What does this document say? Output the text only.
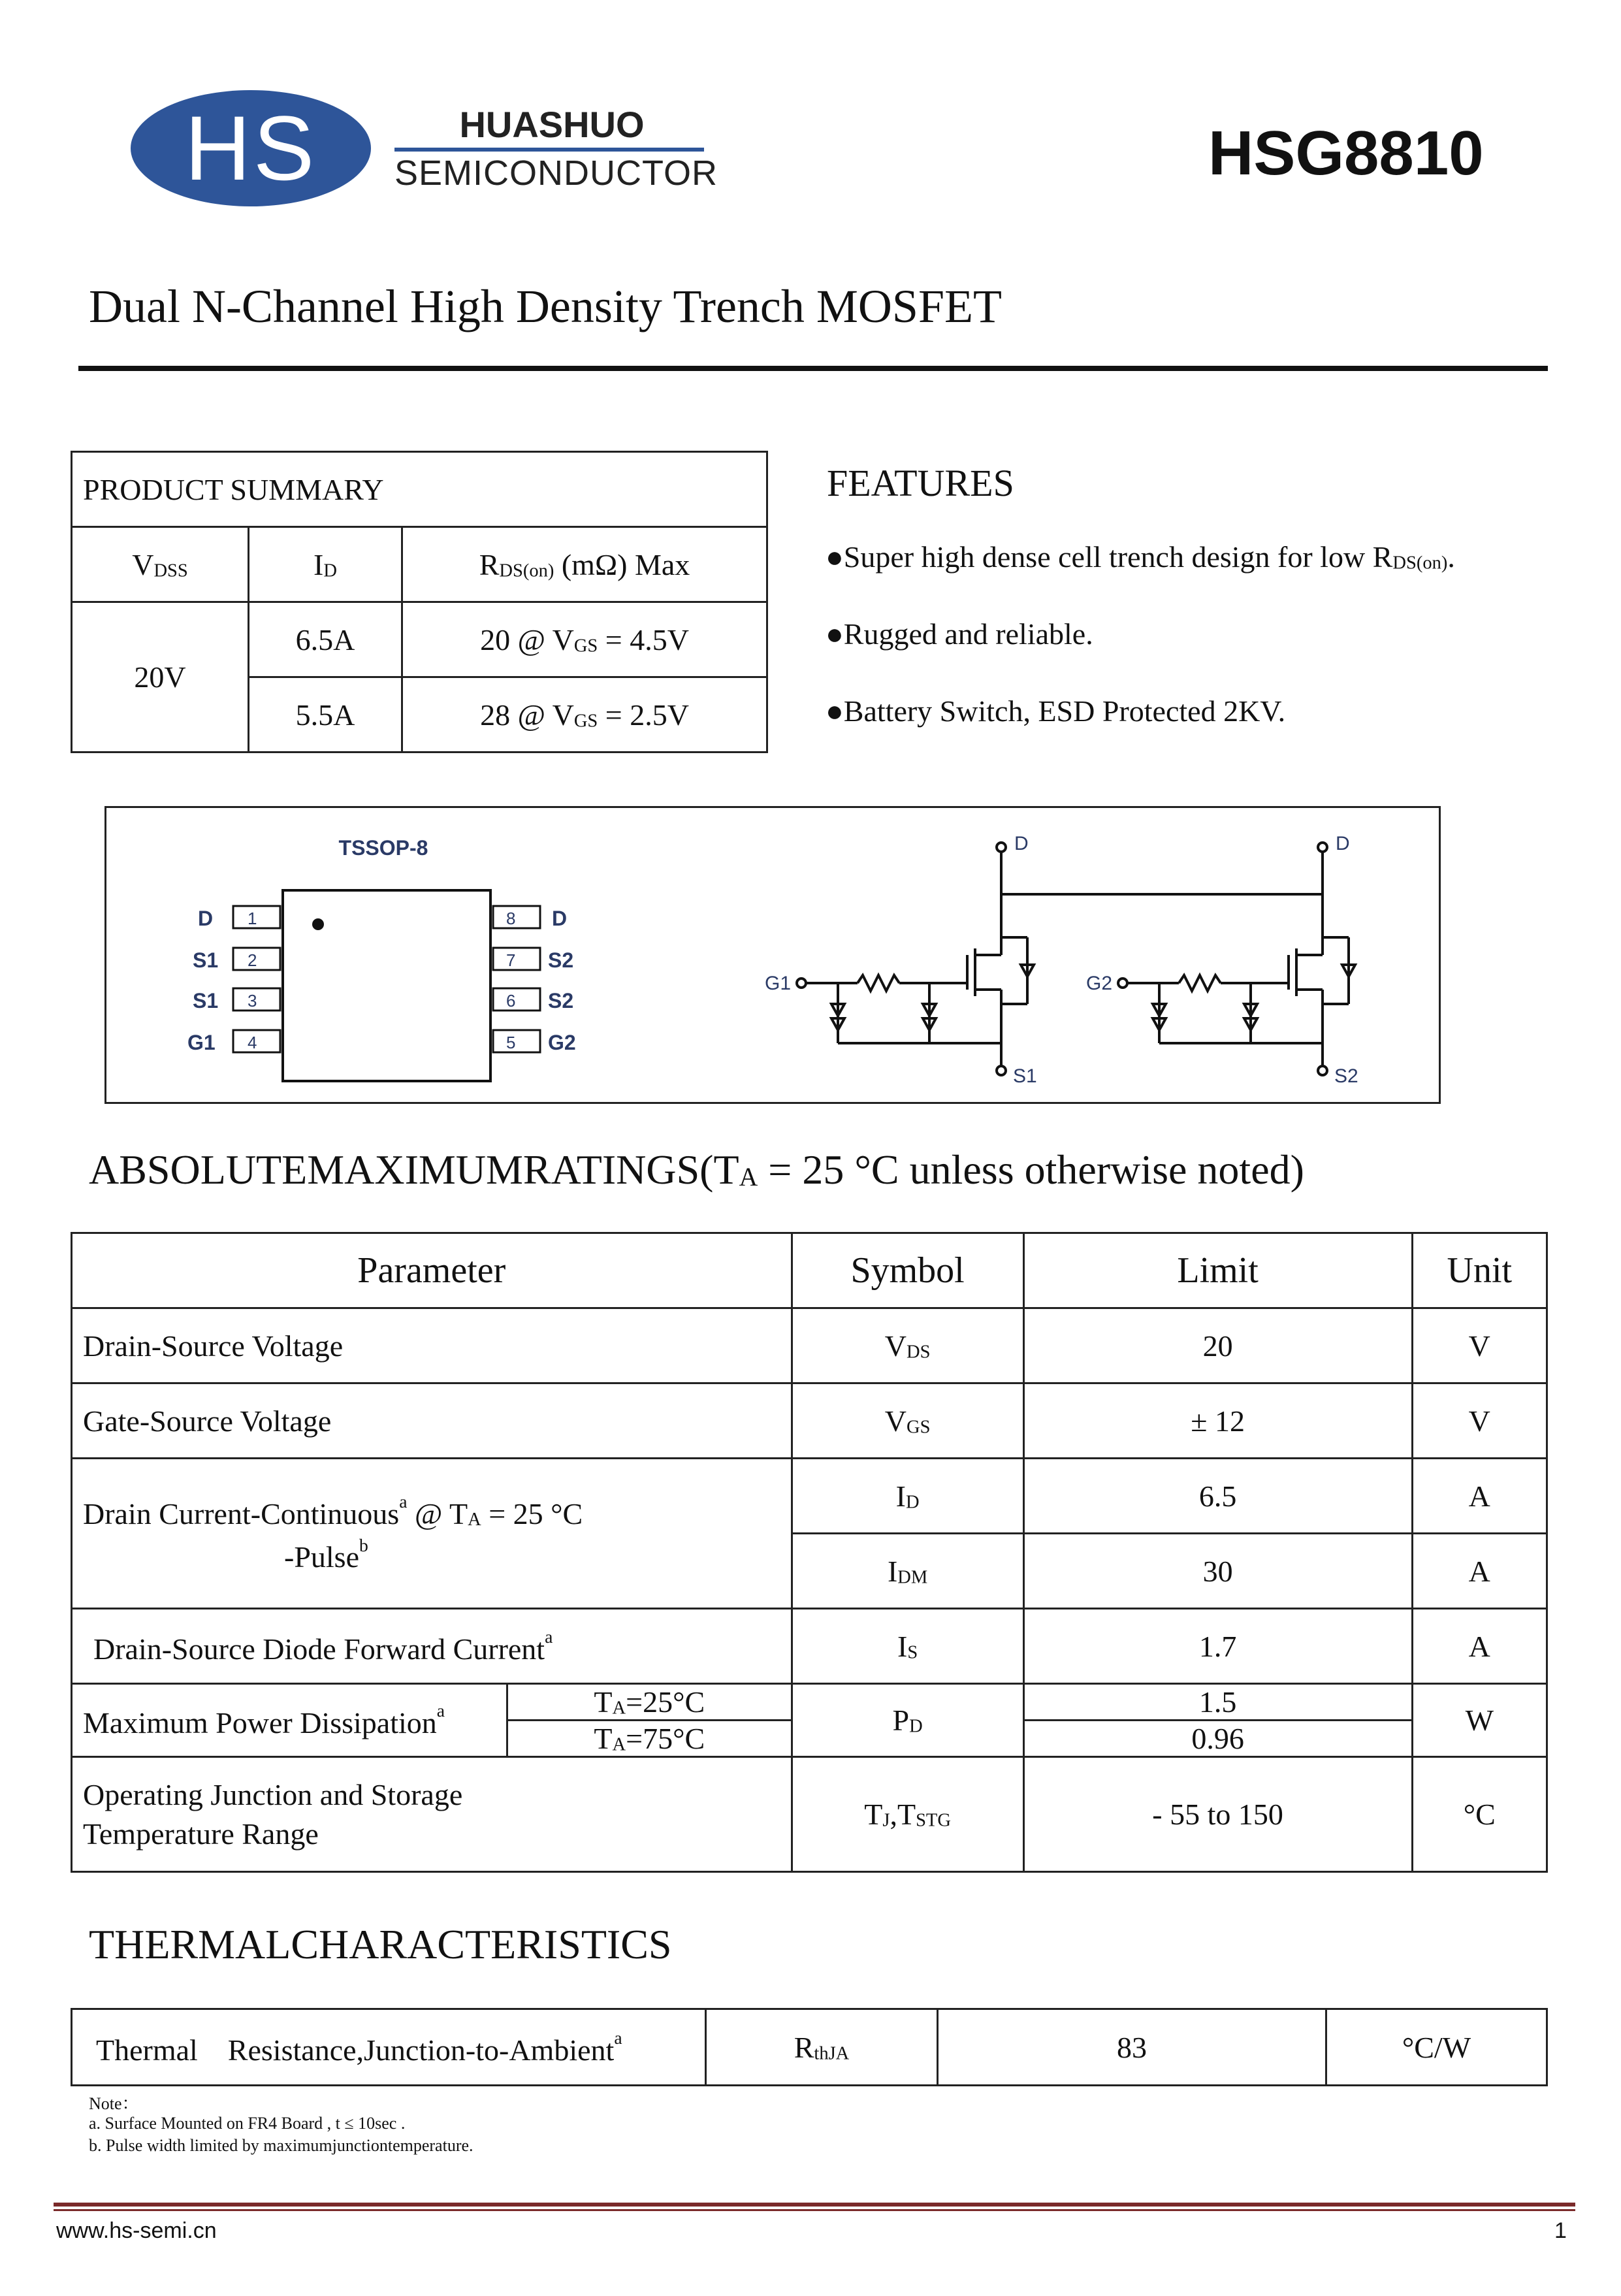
HS	HUASHUO
SEMICONDUCTOR	HSG8810
Dual N-Channel High Density Trench MOSFET
PRODUCT SUMMARY		
$V_{DSS}$	$I_D$	$R_{DS(on)}$ (mΩ) Max
20V	6.5A	20 @ $V_{GS} = 4.5V$
	5.5A	28 @ $V_{GS} = 2.5V$
FEATURES
●Super high dense cell trench design for low $R_{DS(on)}$.
●Rugged and reliable.
●Battery Switch, ESD Protected 2KV.
TSSOP-8
1
D
2
S1
3
S1
4
G1
8 D
7 S2
6 S2
5 G2
D	D
G1	G2
S1	S2
$ABSOLUTEMAXIMUMRATINGS(T_A = 25$ °C unless otherwise noted)
Parameter		Symbol	Limit	Unit
Drain-Source Voltage		$V_{DS}$	20	V
Gate-Source Voltage		$V_{GS}$	± 12	V
Drain Current-Continuous$^a$ @ $T_A = 25$ °C
-Pulse$^b$		$I_D$	6.5	A
		$I_{DM}$	30	A
Drain-Source Diode Forward Current$^a$		$I_S$	1.7	A
Maximum Power Dissipation$^a$	$T_A=25^\circ C$	$P_D$	1.5	W
	$T_A=75^\circ C$		0.96	
Operating Junction and Storage
Temperature Range		$T_J,T_{STG}$	- 55 to 150	°C
THERMALCHARACTERISTICS
Thermal    Resistance,Junction-to-Ambient$^a$	$R_{thJA}$	83	°C/W
Note：
a. Surface Mounted on FR4 Board , t ≤ 10sec .
b. Pulse width limited by maximumjunctiontemperature.
www.hs-semi.cn	1
